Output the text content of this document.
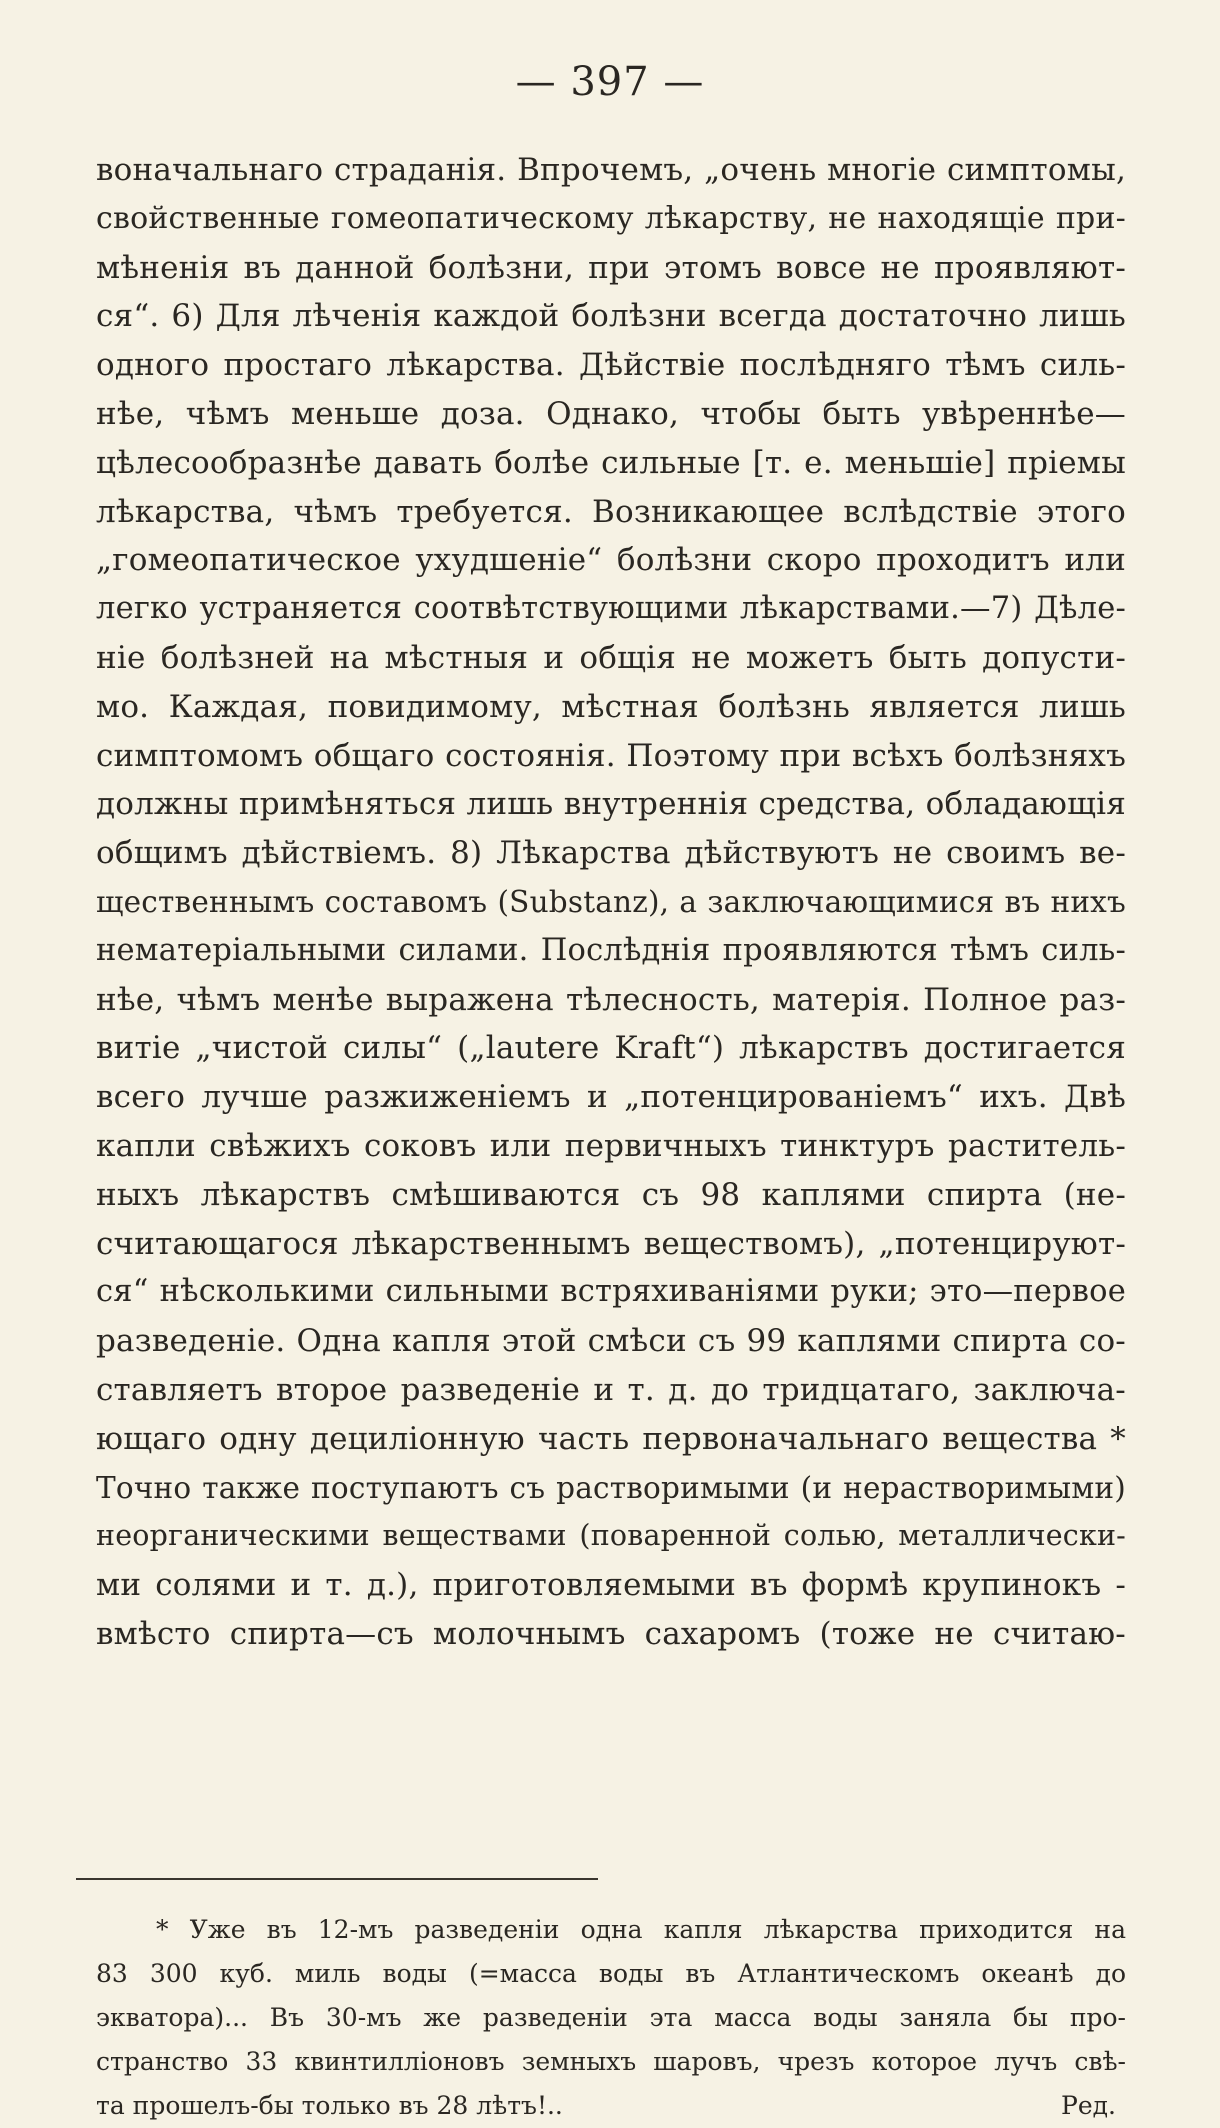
— 397 —
воначальнаго страданія. Впрочемъ, „очень многіе симптомы,
свойственные гомеопатическому лѣкарству, не находящіе при-
мѣненія въ данной болѣзни, при этомъ вовсе не проявляют-
ся“. 6) Для лѣченія каждой болѣзни всегда достаточно лишь
одного простаго лѣкарства. Дѣйствіе послѣдняго тѣмъ силь-
нѣе, чѣмъ меньше доза. Однако, чтобы быть увѣреннѣе—
цѣлесообразнѣе давать болѣе сильные [т. е. меньшіе] пріемы
лѣкарства, чѣмъ требуется. Возникающее вслѣдствіе этого
„гомеопатическое ухудшеніе“ болѣзни скоро проходитъ или
легко устраняется соотвѣтствующими лѣкарствами.—7) Дѣле-
ніе болѣзней на мѣстныя и общія не можетъ быть допусти-
мо. Каждая, повидимому, мѣстная болѣзнь является лишь
симптомомъ общаго состоянія. Поэтому при всѣхъ болѣзняхъ
должны примѣняться лишь внутреннія средства, обладающія
общимъ дѣйствіемъ. 8) Лѣкарства дѣйствуютъ не своимъ ве-
щественнымъ составомъ (Substanz), а заключающимися въ нихъ
нематеріальными силами. Послѣднія проявляются тѣмъ силь-
нѣе, чѣмъ менѣе выражена тѣлесность, матерія. Полное раз-
витіе „чистой силы“ („lautere Kraft“) лѣкарствъ достигается
всего лучше разжиженіемъ и „потенцированіемъ“ ихъ. Двѣ
капли свѣжихъ соковъ или первичныхъ тинктуръ раститель-
ныхъ лѣкарствъ смѣшиваются съ 98 каплями спирта (не-
считающагося лѣкарственнымъ веществомъ), „потенцируют-
ся“ нѣсколькими сильными встряхиваніями руки; это—первое
разведеніе. Одна капля этой смѣси съ 99 каплями спирта со-
ставляетъ второе разведеніе и т. д. до тридцатаго, заключа-
ющаго одну дециліонную часть первоначальнаго вещества *
Точно также поступаютъ съ растворимыми (и нерастворимыми)
неорганическими веществами (поваренной солью, металлически-
ми солями и т. д.), приготовляемыми въ формѣ крупинокъ -
вмѣсто спирта—съ молочнымъ сахаромъ (тоже не считаю-
* Уже въ 12-мъ разведеніи одна капля лѣкарства приходится на
83 300 куб. миль воды (=масса воды въ Атлантическомъ океанѣ до
экватора)... Въ 30-мъ же разведеніи эта масса воды заняла бы про-
странство 33 квинтилліоновъ земныхъ шаровъ, чрезъ которое лучъ свѣ-
та прошелъ-бы только въ 28 лѣтъ!..	Ред.
